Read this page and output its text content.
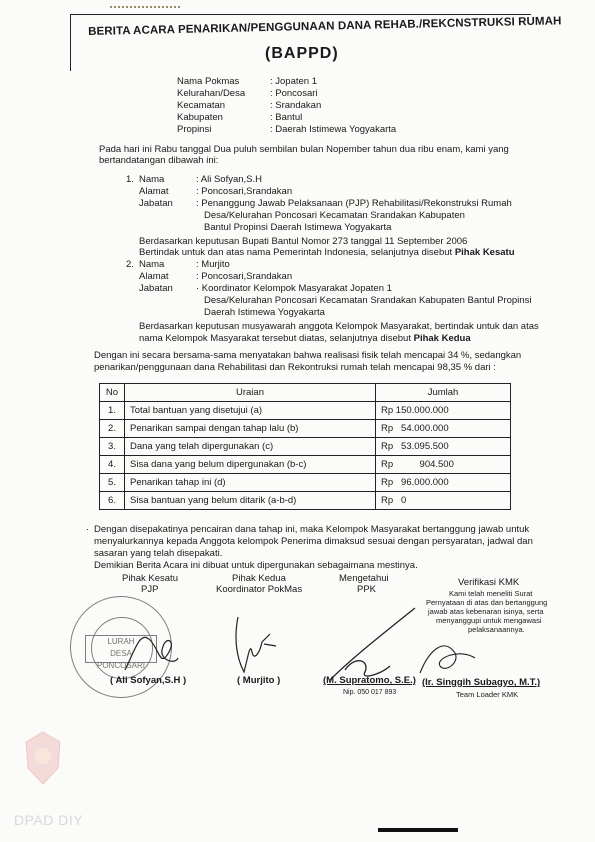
BERITA ACARA PENARIKAN/PENGGUNAAN DANA REHAB./REKCNSTRUKSI RUMAH
(BAPPD)
Nama Pokmas	: Jopaten 1
Kelurahan/Desa	: Poncosari
Kecamatan	: Srandakan
Kabupaten	: Bantul
Propinsi	: Daerah Istimewa Yogyakarta
Pada hari ini Rabu tanggal Dua puluh sembilan bulan Nopember tahun dua ribu enam, kami yang
bertandatangan dibawah ini:
1. Nama	: Ali Sofyan,S.H
Alamat	: Poncosari,Srandakan
Jabatan : Penanggung Jawab Pelaksanaan (PJP) Rehabilitasi/Rekonstruksi Rumah
Desa/Kelurahan Poncosari Kecamatan Srandakan Kabupaten
Bantul Propinsi Daerah Istimewa Yogyakarta
Berdasarkan keputusan Bupati Bantul Nomor 273 tanggal 11 September 2006
Bertindak untuk dan atas nama Pemerintah Indonesia, selanjutnya disebut Pihak Kesatu
2. Nama	: Murjito
Alamat	: Poncosari,Srandakan
Jabatan · Koordinator Kelompok Masyarakat Jopaten 1
Desa/Kelurahan Poncosari Kecamatan Srandakan Kabupaten Bantul Propinsi
Daerah Istimewa Yogyakarta
Berdasarkan keputusan musyawarah anggota Kelompok Masyarakat, bertindak untuk dan atas
nama Kelompok Masyarakat tersebut diatas, selanjutnya disebut Pihak Kedua
Dengan ini secara bersama-sama menyatakan bahwa realisasi fisik telah mencapai 34 %, sedangkan
penarikan/penggunaan dana Rehabilitasi dan Rekontruksi rumah telah mencapai 98,35 % dari :
No	Uraian	Jumlah
1.	Total bantuan yang disetujui (a)	Rp 150.000.000
2.	Penarikan sampai dengan tahap lalu (b)	Rp   54.000.000
3.	Dana yang telah dipergunakan (c)	Rp   53.095.500
4.	Sisa dana yang belum dipergunakan (b-c)	Rp          904.500
5.	Penarikan tahap ini (d)	Rp   96.000.000
6.	Sisa bantuan yang belum ditarik (a-b-d)	Rp   0
· Dengan disepakatinya pencairan dana tahap ini, maka Kelompok Masyarakat bertanggung jawab untuk
menyalurkannya kepada Anggota kelompok Penerima dimaksud sesuai dengan persyaratan, jadwal dan
sasaran yang telah disepakati.
Demikian Berita Acara ini dibuat untuk dipergunakan sebagaimana mestinya.
Pihak Kesatu
PJP
Pihak Kedua
Koordinator PokMas
Mengetahui
PPK
Verifikasi KMK
Kami telah meneliti Surat
Pernyataan di atas dan bertanggung
jawab atas kebenaran isinya, serta
menyanggupi untuk mengawasi
pelaksanaannya.
LURAH
DESA PONCOSARI
( Ali Sofyan,S.H )	( Murjito )	(M. Supratomo, S.E.)
Nip. 050 017 893
(Ir. Singgih Subagyo, M.T.)
Team Loader KMK
DPAD DIY
